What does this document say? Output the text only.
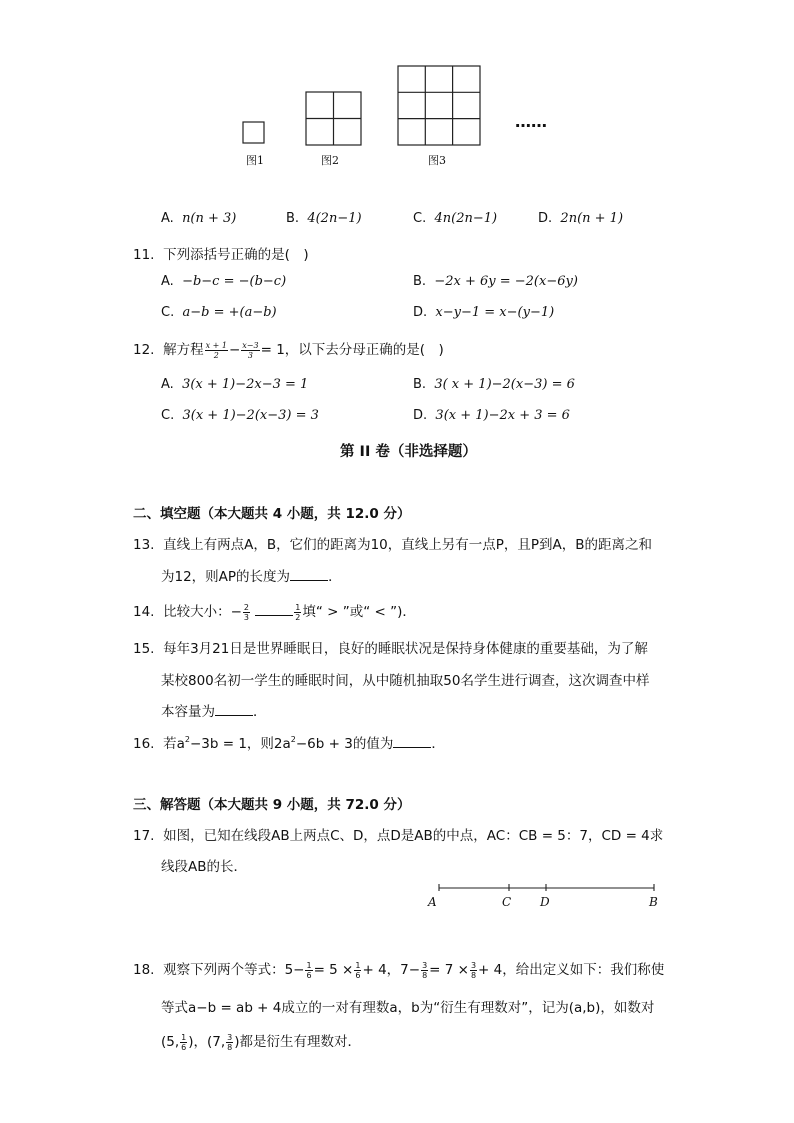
图1	图2	图3
……
A. n(n + 3)	B. 4(2n−1)	C. 4n(2n−1)	D. 2n(n + 1)
11. 下列添括号正确的是(　)
A. −b−c = −(b−c)	B. −2x + 6y = −2(x−6y)
C. a−b = +(a−b)	D. x−y−1 = x−(y−1)
12. 解方程 $\frac{x + 1}{2} - \frac{x-3}{3} = 1$，以下去分母正确的是(　)
A. 3(x + 1)−2x−3 = 1	B. 3( x + 1)−2(x−3) = 6
C. 3(x + 1)−2(x−3) = 3	D. 3(x + 1)−2x + 3 = 6
第 II 卷（非选择题）
二、填空题（本大题共 4 小题，共 12.0 分）
13. 直线上有两点A，B，它们的距离为10，直线上另有一点P，且P到A，B的距离之和
为12，则AP的长度为	．
14. 比较大小：− $\frac{2}{3}$
	$\frac{1}{2}$ 填“ > ”或“ < ”)．
15. 每年3月21日是世界睡眠日，良好的睡眠状况是保持身体健康的重要基础，为了解
某校800名初一学生的睡眠时间，从中随机抽取50名学生进行调查，这次调查中样
本容量为	．
16. 若$a^2-3b = 1$，则$2a^2-6b + 3$的值为	．
三、解答题（本大题共 9 小题，共 72.0 分）
17. 如图，已知在线段AB上两点C、D，点D是AB的中点，AC：CB = 5：7，CD = 4求
线段AB的长．
A	C D	B
18. 观察下列两个等式：$5- \frac{1}{6} = 5 \times \frac{1}{6} + 4$，$7- \frac{3}{8} = 7 \times \frac{3}{8} + 4$，给出定义如下：我们称使
等式a−b = ab + 4成立的一对有理数a，b为“衍生有理数对”，记为(a,b)，如数对
(5, $\frac{1}{6}$ )，(7, $\frac{3}{8}$ )都是衍生有理数对．
